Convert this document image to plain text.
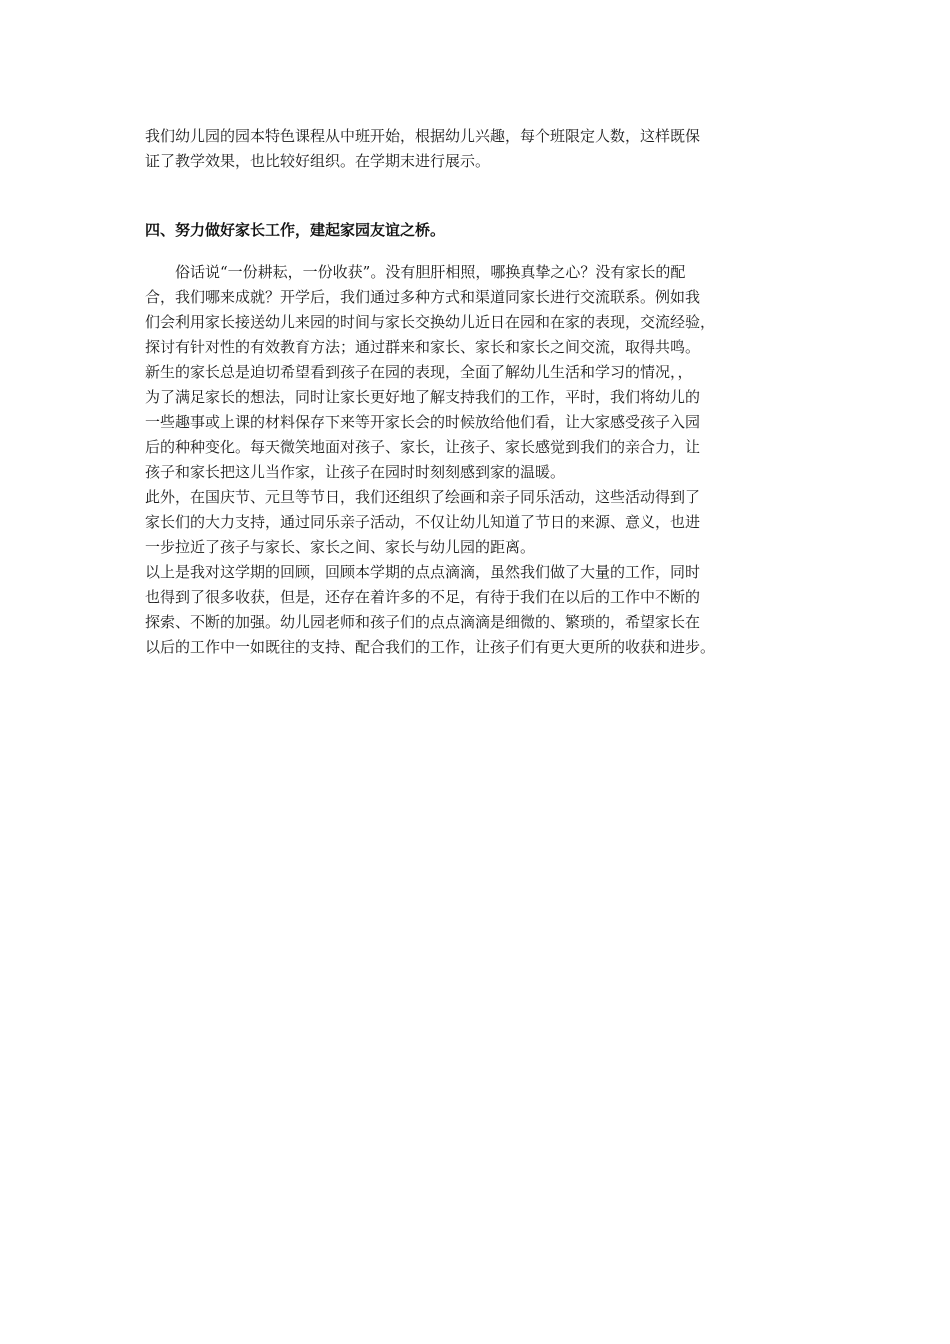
我们幼儿园的园本特色课程从中班开始，根据幼儿兴趣，每个班限定人数，这样既保
证了教学效果，也比较好组织。在学期末进行展示。
四、努力做好家长工作，建起家园友谊之桥。
俗话说“一份耕耘，一份收获”。没有胆肝相照，哪换真挚之心？没有家长的配
合，我们哪来成就？开学后，我们通过多种方式和渠道同家长进行交流联系。例如我
们会利用家长接送幼儿来园的时间与家长交换幼儿近日在园和在家的表现，交流经验，
探讨有针对性的有效教育方法；通过群来和家长、家长和家长之间交流，取得共鸣。
新生的家长总是迫切希望看到孩子在园的表现，全面了解幼儿生活和学习的情况，，
为了满足家长的想法，同时让家长更好地了解支持我们的工作，平时，我们将幼儿的
一些趣事或上课的材料保存下来等开家长会的时候放给他们看，让大家感受孩子入园
后的种种变化。每天微笑地面对孩子、家长，让孩子、家长感觉到我们的亲合力，让
孩子和家长把这儿当作家，让孩子在园时时刻刻感到家的温暖。
此外，在国庆节、元旦等节日，我们还组织了绘画和亲子同乐活动，这些活动得到了
家长们的大力支持，通过同乐亲子活动，不仅让幼儿知道了节日的来源、意义，也进
一步拉近了孩子与家长、家长之间、家长与幼儿园的距离。
以上是我对这学期的回顾，回顾本学期的点点滴滴，虽然我们做了大量的工作，同时
也得到了很多收获，但是，还存在着许多的不足，有待于我们在以后的工作中不断的
探索、不断的加强。幼儿园老师和孩子们的点点滴滴是细微的、繁琐的，希望家长在
以后的工作中一如既往的支持、配合我们的工作，让孩子们有更大更所的收获和进步。
